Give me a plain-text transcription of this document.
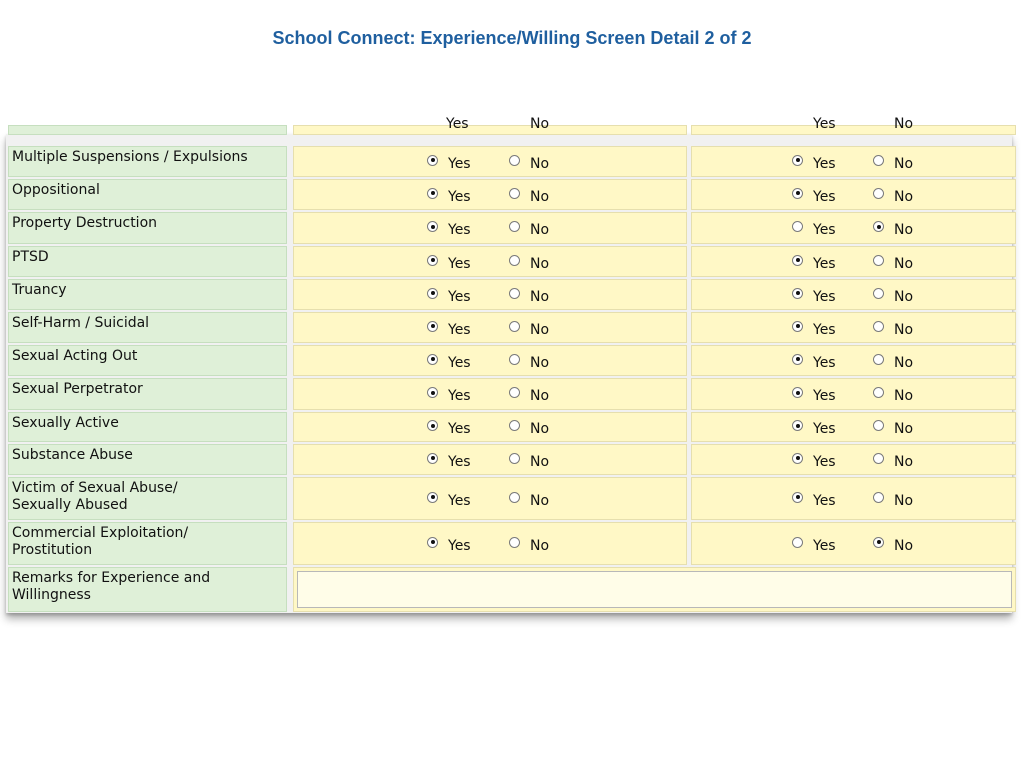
School Connect: Experience/Willing Screen Detail 2 of 2
Yes	No	Yes	No
Multiple Suspensions / Expulsions	Yes	No	Yes	No
Oppositional	Yes	No	Yes	No
Property Destruction	Yes	No	Yes	No
PTSD	Yes	No	Yes	No
Truancy	Yes	No	Yes	No
Self-Harm / Suicidal	Yes	No	Yes	No
Sexual Acting Out	Yes	No	Yes	No
Sexual Perpetrator	Yes	No	Yes	No
Sexually Active	Yes	No	Yes	No
Substance Abuse	Yes	No	Yes	No
Victim of Sexual Abuse/
Sexually Abused	Yes	No	Yes	No
Commercial Exploitation/
Prostitution	Yes	No	Yes	No
Remarks for Experience and
Willingness
